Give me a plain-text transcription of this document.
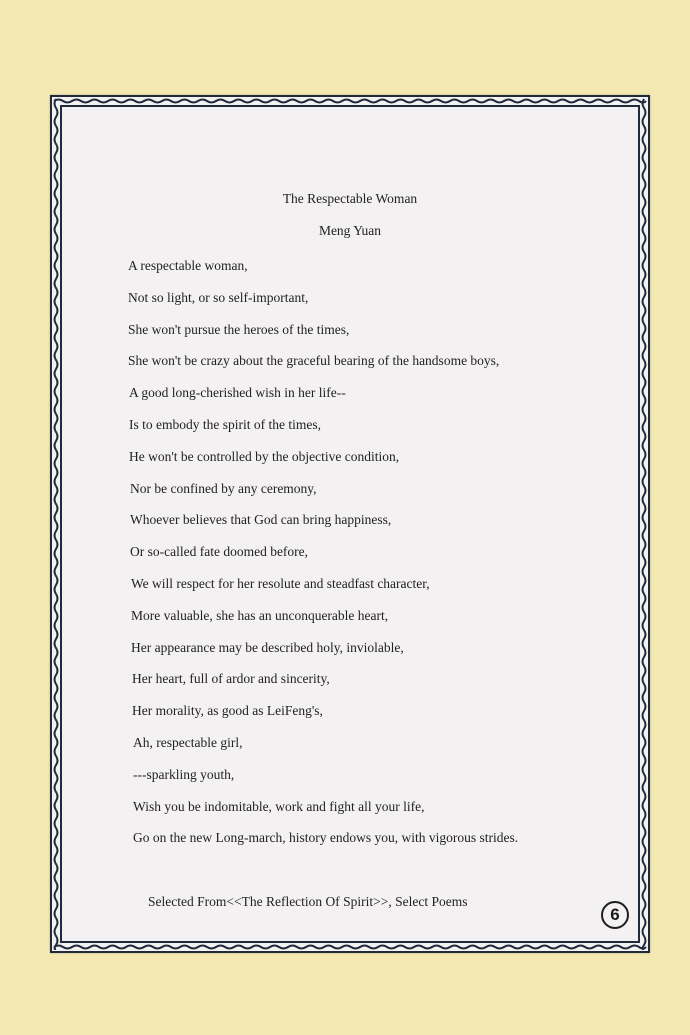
The Respectable Woman
Meng Yuan
A respectable woman,
Not so light, or so self-important,
She won't pursue the heroes of the times,
She won't be crazy about the graceful bearing of the handsome boys,
A good long-cherished wish in her life--
Is to embody the spirit of the times,
He won't be controlled by the objective condition,
Nor be confined by any ceremony,
Whoever believes that God can bring happiness,
Or so-called fate doomed before,
We will respect for her resolute and steadfast character,
More valuable, she has an unconquerable heart,
Her appearance may be described holy, inviolable,
Her heart, full of ardor and sincerity,
Her morality, as good as LeiFeng's,
Ah, respectable girl,
---sparkling youth,
Wish you be indomitable, work and fight all your life,
Go on the new Long-march, history endows you, with vigorous strides.
Selected From<<The Reflection Of Spirit>>, Select Poems
6
